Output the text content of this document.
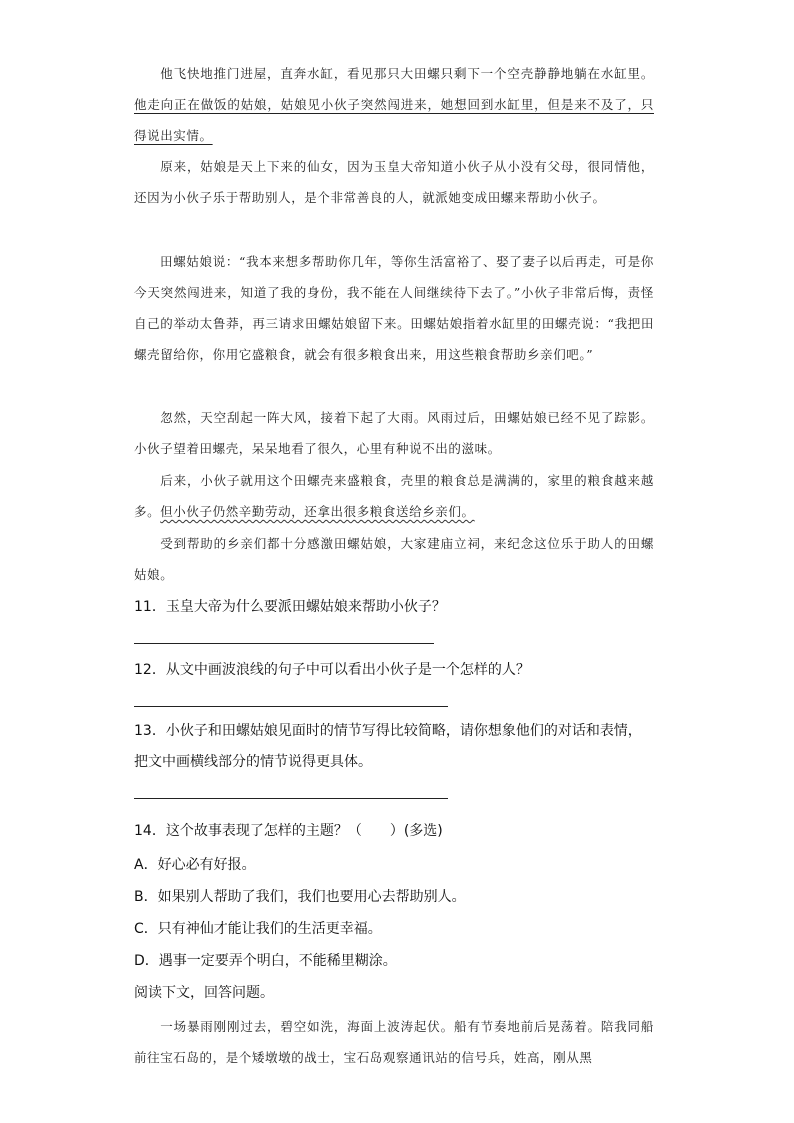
他飞快地推门进屋，直奔水缸，看见那只大田螺只剩下一个空壳静静地躺在水缸里。他走向正在做饭的姑娘，姑娘见小伙子突然闯进来，她想回到水缸里，但是来不及了，只得说出实情。
原来，姑娘是天上下来的仙女，因为玉皇大帝知道小伙子从小没有父母，很同情他，还因为小伙子乐于帮助别人，是个非常善良的人，就派她变成田螺来帮助小伙子。
田螺姑娘说：“我本来想多帮助你几年，等你生活富裕了、娶了妻子以后再走，可是你今天突然闯进来，知道了我的身份，我不能在人间继续待下去了。”小伙子非常后悔，责怪自己的举动太鲁莽，再三请求田螺姑娘留下来。田螺姑娘指着水缸里的田螺壳说：“我把田螺壳留给你，你用它盛粮食，就会有很多粮食出来，用这些粮食帮助乡亲们吧。”
忽然，天空刮起一阵大风，接着下起了大雨。风雨过后，田螺姑娘已经不见了踪影。小伙子望着田螺壳，呆呆地看了很久，心里有种说不出的滋味。
后来，小伙子就用这个田螺壳来盛粮食，壳里的粮食总是满满的，家里的粮食越来越多。但小伙子仍然辛勤劳动，还拿出很多粮食送给乡亲们。
受到帮助的乡亲们都十分感激田螺姑娘，大家建庙立祠，来纪念这位乐于助人的田螺姑娘。
11．玉皇大帝为什么要派田螺姑娘来帮助小伙子？
12．从文中画波浪线的句子中可以看出小伙子是一个怎样的人？
13．小伙子和田螺姑娘见面时的情节写得比较简略，请你想象他们的对话和表情，把文中画横线部分的情节说得更具体。
14．这个故事表现了怎样的主题？（　　）(多选)
A．好心必有好报。
B．如果别人帮助了我们，我们也要用心去帮助别人。
C．只有神仙才能让我们的生活更幸福。
D．遇事一定要弄个明白，不能稀里糊涂。
阅读下文，回答问题。
一场暴雨刚刚过去，碧空如洗，海面上波涛起伏。船有节奏地前后晃荡着。陪我同船前往宝石岛的，是个矮墩墩的战士，宝石岛观察通讯站的信号兵，姓高，刚从黑
